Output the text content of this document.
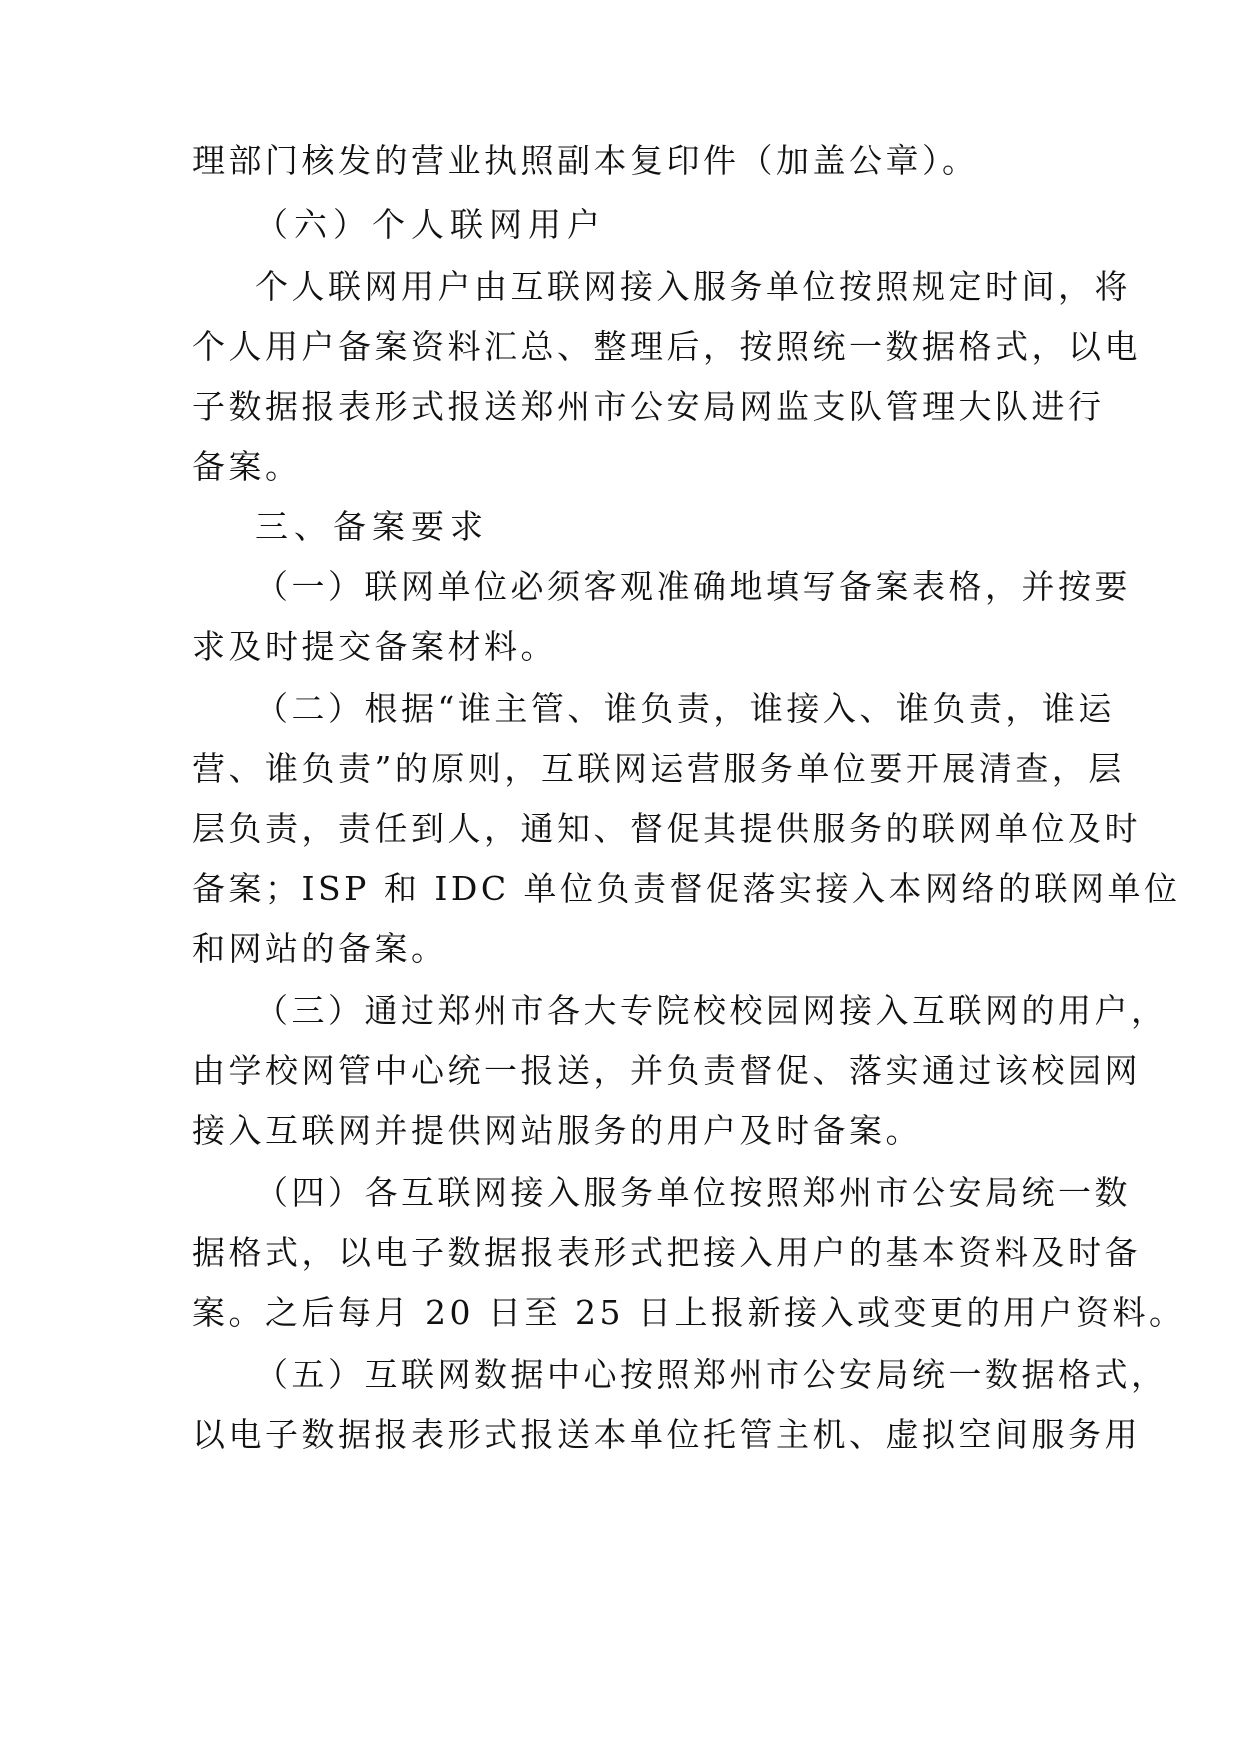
理部门核发的营业执照副本复印件（加盖公章）。
（六）个人联网用户
个人联网用户由互联网接入服务单位按照规定时间，将
个人用户备案资料汇总、整理后，按照统一数据格式，以电
子数据报表形式报送郑州市公安局网监支队管理大队进行
备案。
三、备案要求
（一）联网单位必须客观准确地填写备案表格，并按要
求及时提交备案材料。
（二）根据“谁主管、谁负责，谁接入、谁负责，谁运
营、谁负责”的原则，互联网运营服务单位要开展清查，层
层负责，责任到人，通知、督促其提供服务的联网单位及时
备案；ISP 和 IDC 单位负责督促落实接入本网络的联网单位
和网站的备案。
（三）通过郑州市各大专院校校园网接入互联网的用户，
由学校网管中心统一报送，并负责督促、落实通过该校园网
接入互联网并提供网站服务的用户及时备案。
（四）各互联网接入服务单位按照郑州市公安局统一数
据格式，以电子数据报表形式把接入用户的基本资料及时备
案。之后每月 20 日至 25 日上报新接入或变更的用户资料。
（五）互联网数据中心按照郑州市公安局统一数据格式，
以电子数据报表形式报送本单位托管主机、虚拟空间服务用
